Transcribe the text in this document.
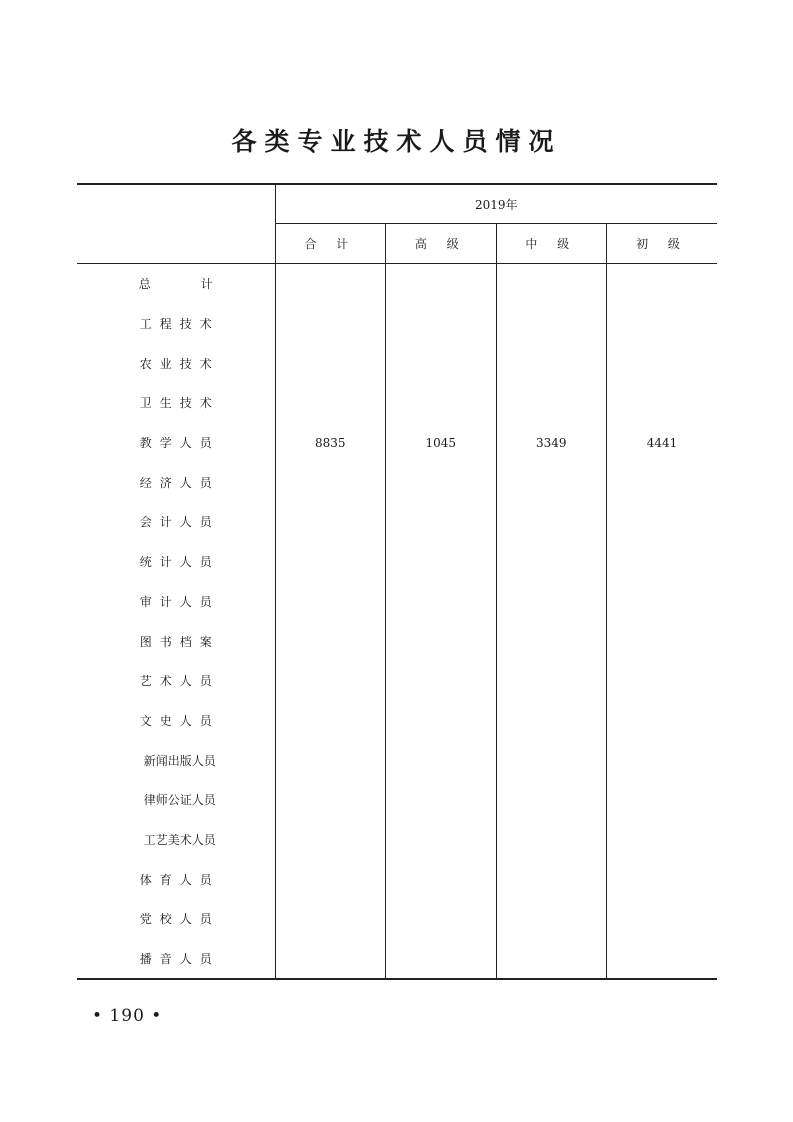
各类专业技术人员情况
	2019年			
	合 计	高 级	中 级	初 级
总计				
工程技术				
农业技术				
卫生技术				
教学人员	8835	1045	3349	4441
经济人员				
会计人员				
统计人员				
审计人员				
图书档案				
艺术人员				
文史人员				
新闻出版人员				
律师公证人员				
工艺美术人员				
体育人员				
党校人员				
播音人员				
• 190 •
